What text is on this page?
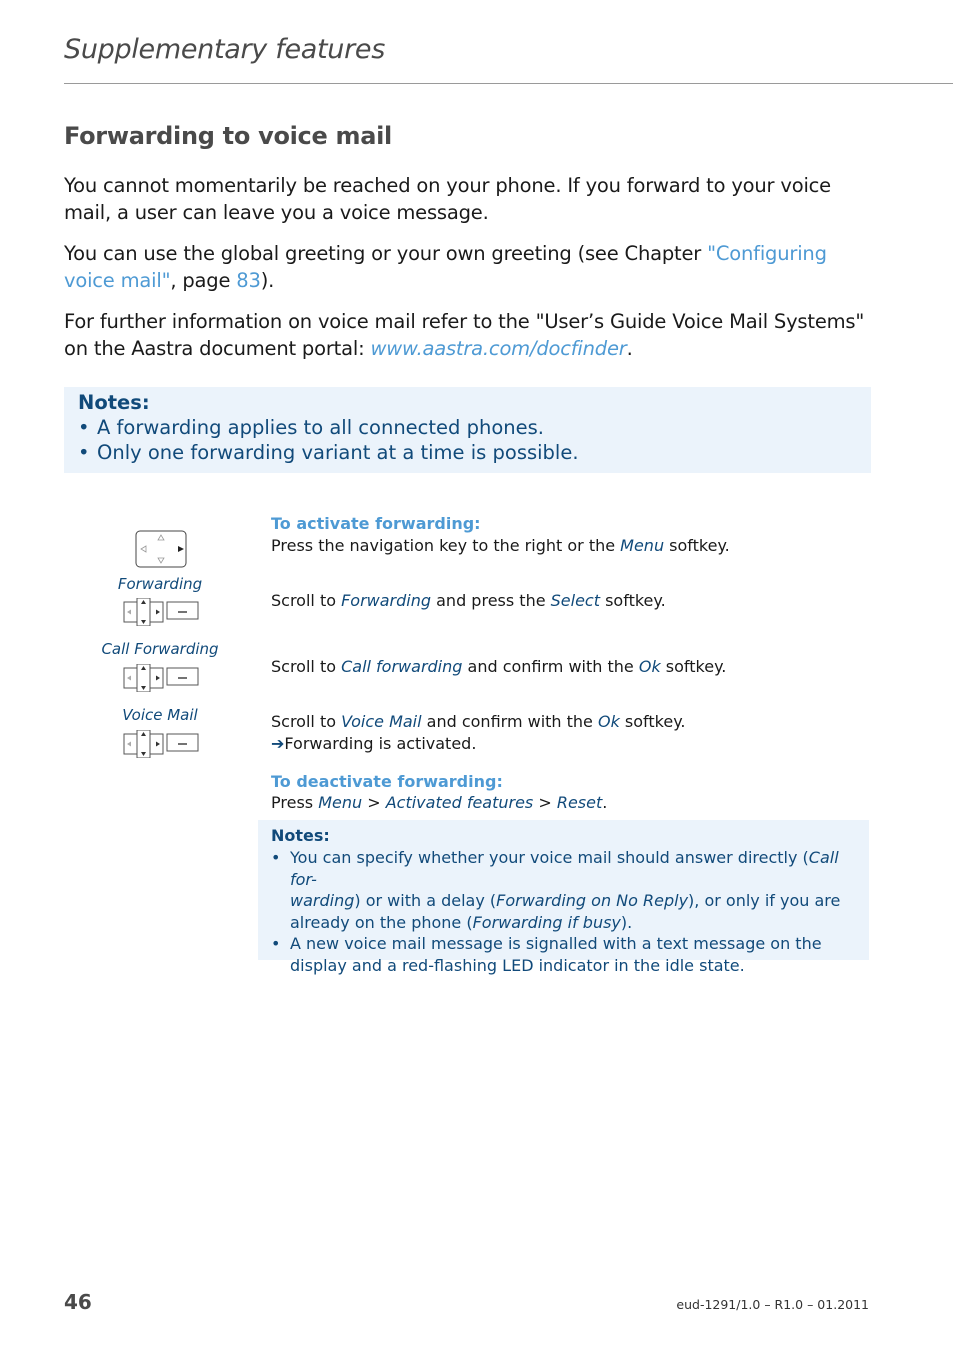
Supplementary features
Forwarding to voice mail
You cannot momentarily be reached on your phone. If you forward to your voice mail, a user can leave you a voice message.
You can use the global greeting or your own greeting (see Chapter "Configuring voice mail", page 83).
For further information on voice mail refer to the "User’s Guide Voice Mail Systems" on the Aastra document portal: www.aastra.com/docfinder.
Notes:
• A forwarding applies to all connected phones.
• Only one forwarding variant at a time is possible.
Forwarding
Call Forwarding
Voice Mail
To activate forwarding:
Press the navigation key to the right or the Menu softkey.
Scroll to Forwarding and press the Select softkey.
Scroll to Call forwarding and confirm with the Ok softkey.
Scroll to Voice Mail and confirm with the Ok softkey.
➔Forwarding is activated.
To deactivate forwarding:
Press Menu > Activated features > Reset.
Notes:
• You can specify whether your voice mail should answer directly (Call for-
warding) or with a delay (Forwarding on No Reply), or only if you are already on the phone (Forwarding if busy).
• A new voice mail message is signalled with a text message on the display and a red-flashing LED indicator in the idle state.
46	eud-1291/1.0 – R1.0 – 01.2011
